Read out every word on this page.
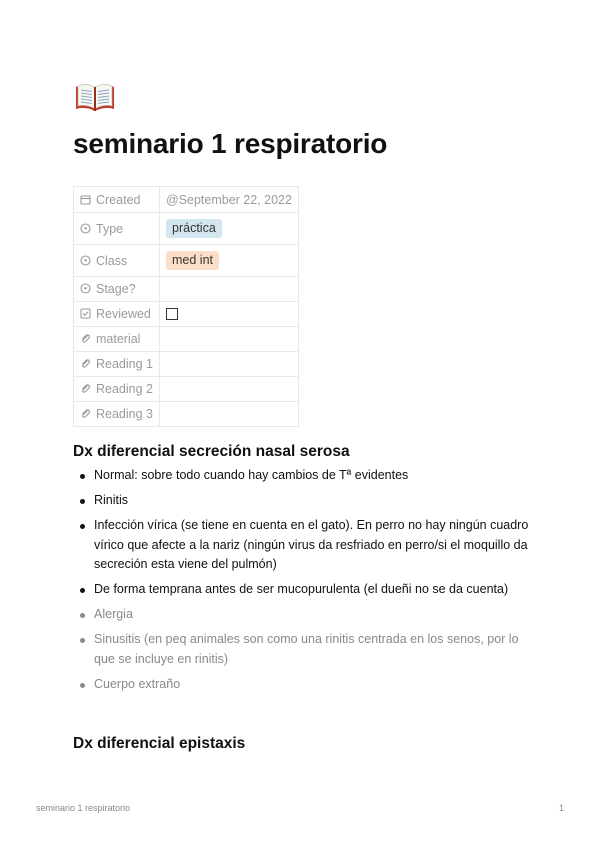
seminario 1 respiratorio
Created	@September 22, 2022

Type	práctica

Class	med int

Stage?	

Reviewed	

material	

Reading 1	

Reading 2	

Reading 3	
Dx diferencial secreción nasal serosa
Normal: sobre todo cuando hay cambios de Tª evidentes
Rinitis
Infección vírica (se tiene en cuenta en el gato). En perro no hay ningún cuadro vírico que afecte a la nariz (ningún virus da resfriado en perro/si el moquillo da secreción esta viene del pulmón)
De forma temprana antes de ser mucopurulenta (el dueñi no se da cuenta)
Alergia
Sinusitis (en peq animales son como una rinitis centrada en los senos, por lo que se incluye en rinitis)
Cuerpo extraño
Dx diferencial epistaxis
seminario 1 respiratorio	1
